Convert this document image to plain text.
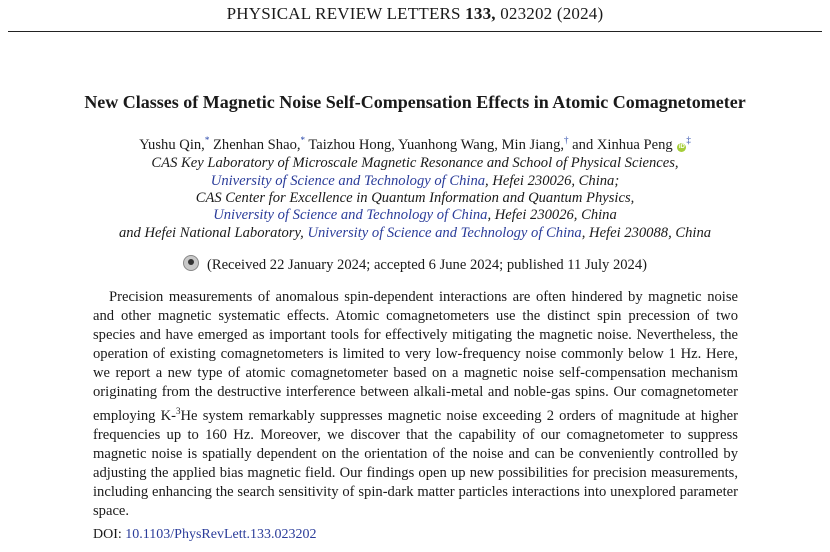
PHYSICAL REVIEW LETTERS 133, 023202 (2024)
New Classes of Magnetic Noise Self-Compensation Effects in Atomic Comagnetometer
Yushu Qin,* Zhenhan Shao,* Taizhou Hong, Yuanhong Wang, Min Jiang,† and Xinhua Peng iD‡
CAS Key Laboratory of Microscale Magnetic Resonance and School of Physical Sciences,
University of Science and Technology of China, Hefei 230026, China;
CAS Center for Excellence in Quantum Information and Quantum Physics,
University of Science and Technology of China, Hefei 230026, China
and Hefei National Laboratory, University of Science and Technology of China, Hefei 230088, China
(Received 22 January 2024; accepted 6 June 2024; published 11 July 2024)

Precision measurements of anomalous spin-dependent interactions are often hindered by magnetic noise and other magnetic systematic effects. Atomic comagnetometers use the distinct spin precession of two species and have emerged as important tools for effectively mitigating the magnetic noise. Nevertheless, the operation of existing comagnetometers is limited to very low-frequency noise commonly below 1 Hz. Here, we report a new type of atomic comagnetometer based on a magnetic noise self-compensation mechanism originating from the destructive interference between alkali-metal and noble-gas spins. Our comagnetometer employing K-$^3$He system remarkably suppresses magnetic noise exceeding 2 orders of magnitude at higher frequencies up to 160 Hz. Moreover, we discover that the capability of our comagnetometer to suppress magnetic noise is spatially dependent on the orientation of the noise and can be conveniently controlled by adjusting the applied bias magnetic field. Our findings open up new possibilities for precision measurements, including enhancing the search sensitivity of spin-dark matter particles interactions into unexplored parameter space.

DOI: 10.1103/PhysRevLett.133.023202
